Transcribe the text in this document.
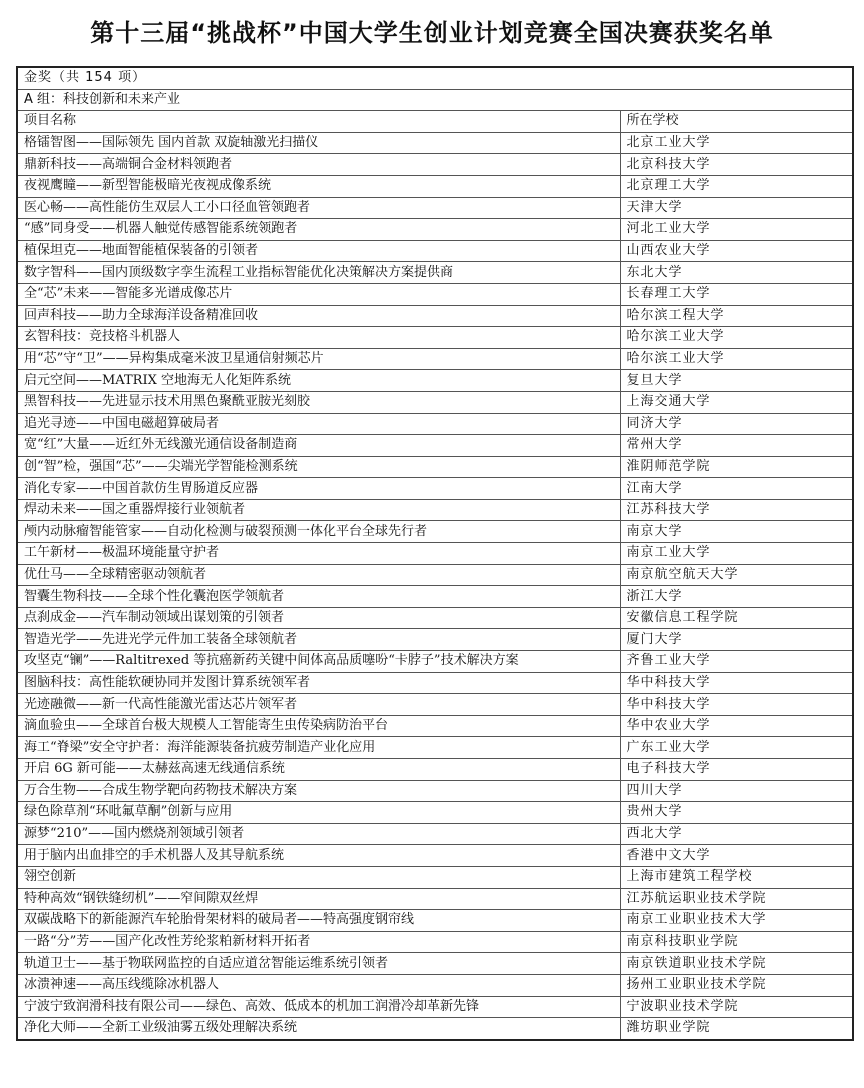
第十三届“挑战杯”中国大学生创业计划竞赛全国决赛获奖名单
金奖（共 154 项）	
A 组：科技创新和未来产业	
项目名称	所在学校
格镭智图——国际领先 国内首款 双旋轴激光扫描仪	北京工业大学
鼎新科技——高端铜合金材料领跑者	北京科技大学
夜视鹰瞳——新型智能极暗光夜视成像系统	北京理工大学
医心畅——高性能仿生双层人工小口径血管领跑者	天津大学
“感”同身受——机器人触觉传感智能系统领跑者	河北工业大学
植保坦克——地面智能植保装备的引领者	山西农业大学
数字智科——国内顶级数字孪生流程工业指标智能优化决策解决方案提供商	东北大学
全“芯”未来——智能多光谱成像芯片	长春理工大学
回声科技——助力全球海洋设备精准回收	哈尔滨工程大学
玄智科技：竞技格斗机器人	哈尔滨工业大学
用“芯”守“卫”——异构集成毫米波卫星通信射频芯片	哈尔滨工业大学
启元空间——MATRIX 空地海无人化矩阵系统	复旦大学
黑智科技——先进显示技术用黑色聚酰亚胺光刻胶	上海交通大学
追光寻迹——中国电磁超算破局者	同济大学
宽“红”大量——近红外无线激光通信设备制造商	常州大学
创“智”检，强国“芯”——尖端光学智能检测系统	淮阴师范学院
消化专家——中国首款仿生胃肠道反应器	江南大学
焊动未来——国之重器焊接行业领航者	江苏科技大学
颅内动脉瘤智能管家——自动化检测与破裂预测一体化平台全球先行者	南京大学
工午新材——极温环境能量守护者	南京工业大学
优仕马——全球精密驱动领航者	南京航空航天大学
智囊生物科技——全球个性化囊泡医学领航者	浙江大学
点刹成金——汽车制动领域出谋划策的引领者	安徽信息工程学院
智造光学——先进光学元件加工装备全球领航者	厦门大学
攻坚克“镧”——Raltitrexed 等抗癌新药关键中间体高品质噻吩“卡脖子”技术解决方案	齐鲁工业大学
图脑科技：高性能软硬协同并发图计算系统领军者	华中科技大学
光迹融微——新一代高性能激光雷达芯片领军者	华中科技大学
滴血验虫——全球首台极大规模人工智能寄生虫传染病防治平台	华中农业大学
海工“脊梁”安全守护者：海洋能源装备抗疲劳制造产业化应用	广东工业大学
开启 6G 新可能——太赫兹高速无线通信系统	电子科技大学
万合生物——合成生物学靶向药物技术解决方案	四川大学
绿色除草剂“环吡氟草酮”创新与应用	贵州大学
源梦“210”——国内燃烧剂领域引领者	西北大学
用于脑内出血排空的手术机器人及其导航系统	香港中文大学
翎空创新	上海市建筑工程学校
特种高效“钢铁缝纫机”——窄间隙双丝焊	江苏航运职业技术学院
双碳战略下的新能源汽车轮胎骨架材料的破局者——特高强度钢帘线	南京工业职业技术大学
一路“分”芳——国产化改性芳纶浆粕新材料开拓者	南京科技职业学院
轨道卫士——基于物联网监控的自适应道岔智能运维系统引领者	南京铁道职业技术学院
冰溃神速——高压线缆除冰机器人	扬州工业职业技术学院
宁波宁致润滑科技有限公司——绿色、高效、低成本的机加工润滑冷却革新先锋	宁波职业技术学院
净化大师——全新工业级油雾五级处理解决系统	潍坊职业学院
